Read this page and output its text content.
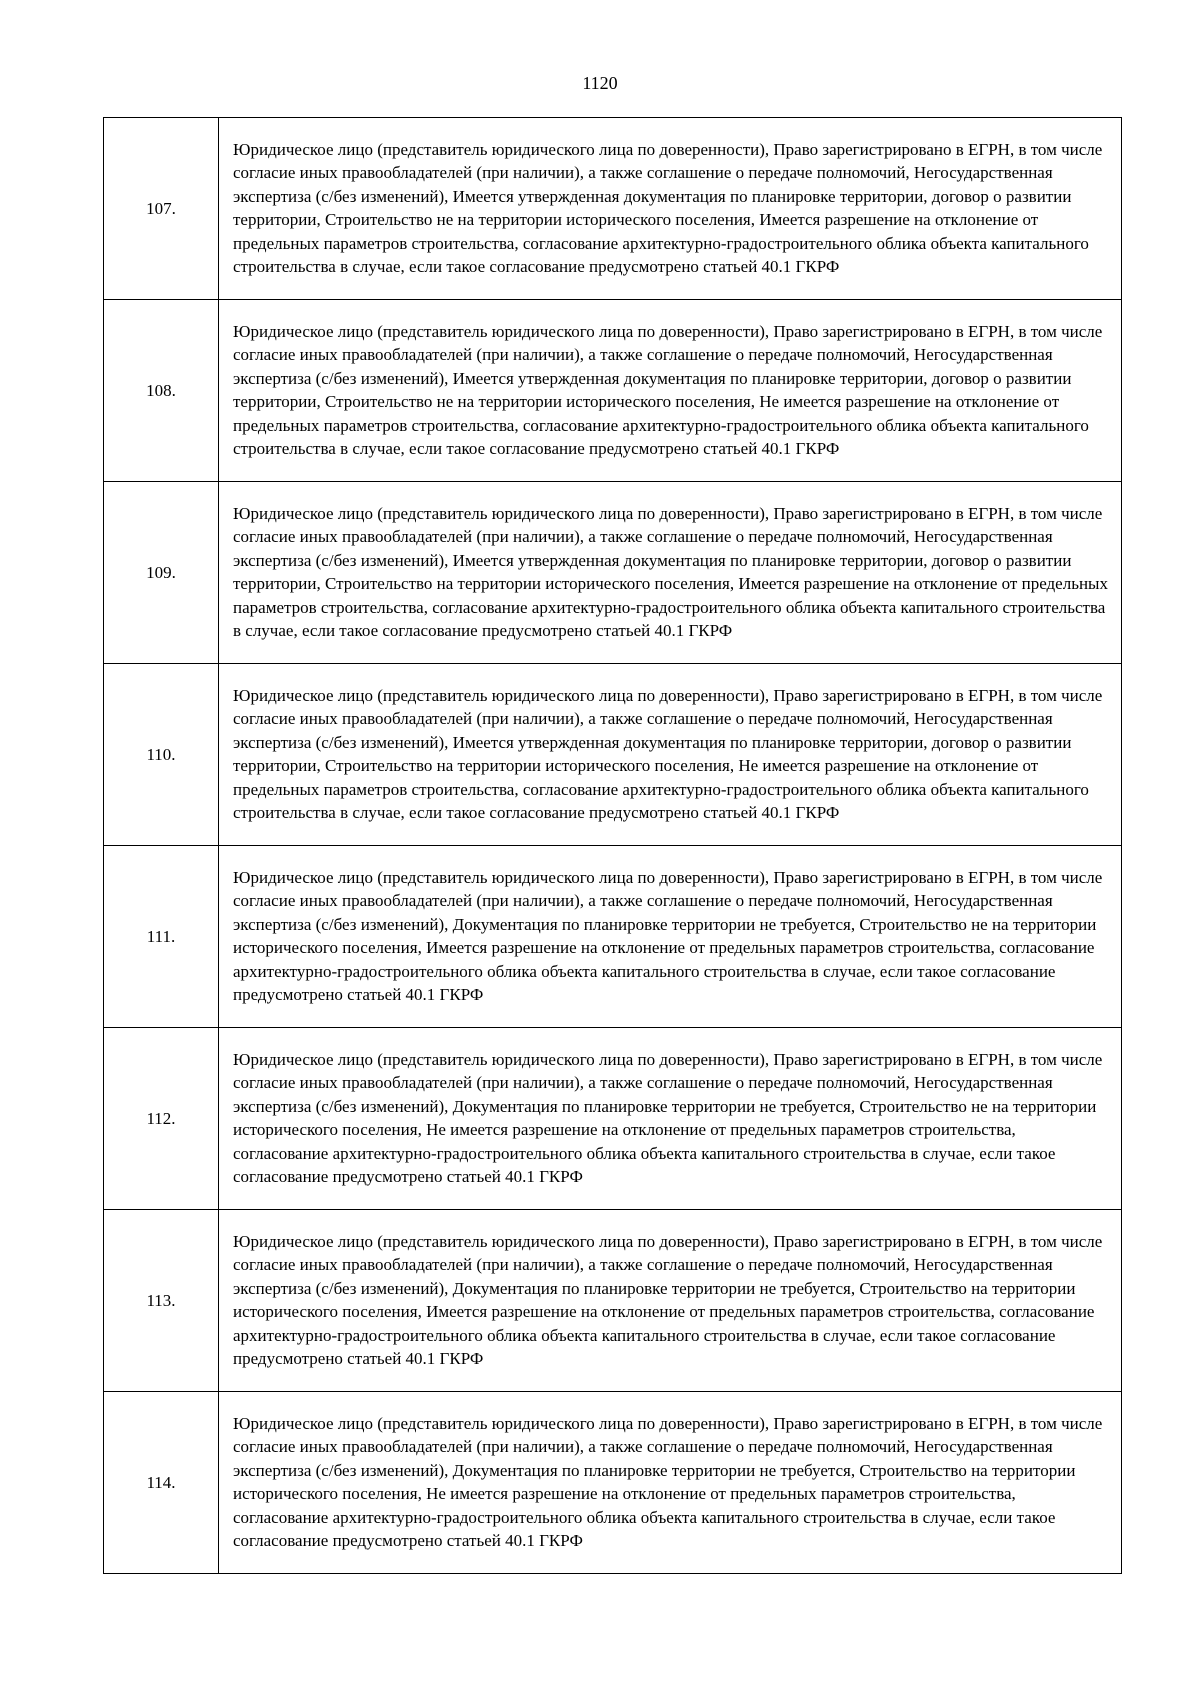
1120
107.	Юридическое лицо (представитель юридического лица по доверенности), Право зарегистрировано в ЕГРН, в том числе согласие иных правообладателей (при наличии), а также соглашение о передаче полномочий, Негосударственная экспертиза (с/без изменений), Имеется утвержденная документация по планировке территории, договор о развитии территории, Строительство не на территории исторического поселения, Имеется разрешение на отклонение от предельных параметров строительства, согласование архитектурно-градостроительного облика объекта капитального строительства в случае, если такое согласование предусмотрено статьей 40.1 ГКРФ
108.	Юридическое лицо (представитель юридического лица по доверенности), Право зарегистрировано в ЕГРН, в том числе согласие иных правообладателей (при наличии), а также соглашение о передаче полномочий, Негосударственная экспертиза (с/без изменений), Имеется утвержденная документация по планировке территории, договор о развитии территории, Строительство не на территории исторического поселения, Не имеется разрешение на отклонение от предельных параметров строительства, согласование архитектурно-градостроительного облика объекта капитального строительства в случае, если такое согласование предусмотрено статьей 40.1 ГКРФ
109.	Юридическое лицо (представитель юридического лица по доверенности), Право зарегистрировано в ЕГРН, в том числе согласие иных правообладателей (при наличии), а также соглашение о передаче полномочий, Негосударственная экспертиза (с/без изменений), Имеется утвержденная документация по планировке территории, договор о развитии территории, Строительство на территории исторического поселения, Имеется разрешение на отклонение от предельных параметров строительства, согласование архитектурно-градостроительного облика объекта капитального строительства в случае, если такое согласование предусмотрено статьей 40.1 ГКРФ
110.	Юридическое лицо (представитель юридического лица по доверенности), Право зарегистрировано в ЕГРН, в том числе согласие иных правообладателей (при наличии), а также соглашение о передаче полномочий, Негосударственная экспертиза (с/без изменений), Имеется утвержденная документация по планировке территории, договор о развитии территории, Строительство на территории исторического поселения, Не имеется разрешение на отклонение от предельных параметров строительства, согласование архитектурно-градостроительного облика объекта капитального строительства в случае, если такое согласование предусмотрено статьей 40.1 ГКРФ
111.	Юридическое лицо (представитель юридического лица по доверенности), Право зарегистрировано в ЕГРН, в том числе согласие иных правообладателей (при наличии), а также соглашение о передаче полномочий, Негосударственная экспертиза (с/без изменений), Документация по планировке территории не требуется, Строительство не на территории исторического поселения, Имеется разрешение на отклонение от предельных параметров строительства, согласование архитектурно-градостроительного облика объекта капитального строительства в случае, если такое согласование предусмотрено статьей 40.1 ГКРФ
112.	Юридическое лицо (представитель юридического лица по доверенности), Право зарегистрировано в ЕГРН, в том числе согласие иных правообладателей (при наличии), а также соглашение о передаче полномочий, Негосударственная экспертиза (с/без изменений), Документация по планировке территории не требуется, Строительство не на территории исторического поселения, Не имеется разрешение на отклонение от предельных параметров строительства, согласование архитектурно-градостроительного облика объекта капитального строительства в случае, если такое согласование предусмотрено статьей 40.1 ГКРФ
113.	Юридическое лицо (представитель юридического лица по доверенности), Право зарегистрировано в ЕГРН, в том числе согласие иных правообладателей (при наличии), а также соглашение о передаче полномочий, Негосударственная экспертиза (с/без изменений), Документация по планировке территории не требуется, Строительство на территории исторического поселения, Имеется разрешение на отклонение от предельных параметров строительства, согласование архитектурно-градостроительного облика объекта капитального строительства в случае, если такое согласование предусмотрено статьей 40.1 ГКРФ
114.	Юридическое лицо (представитель юридического лица по доверенности), Право зарегистрировано в ЕГРН, в том числе согласие иных правообладателей (при наличии), а также соглашение о передаче полномочий, Негосударственная экспертиза (с/без изменений), Документация по планировке территории не требуется, Строительство на территории исторического поселения, Не имеется разрешение на отклонение от предельных параметров строительства, согласование архитектурно-градостроительного облика объекта капитального строительства в случае, если такое согласование предусмотрено статьей 40.1 ГКРФ
